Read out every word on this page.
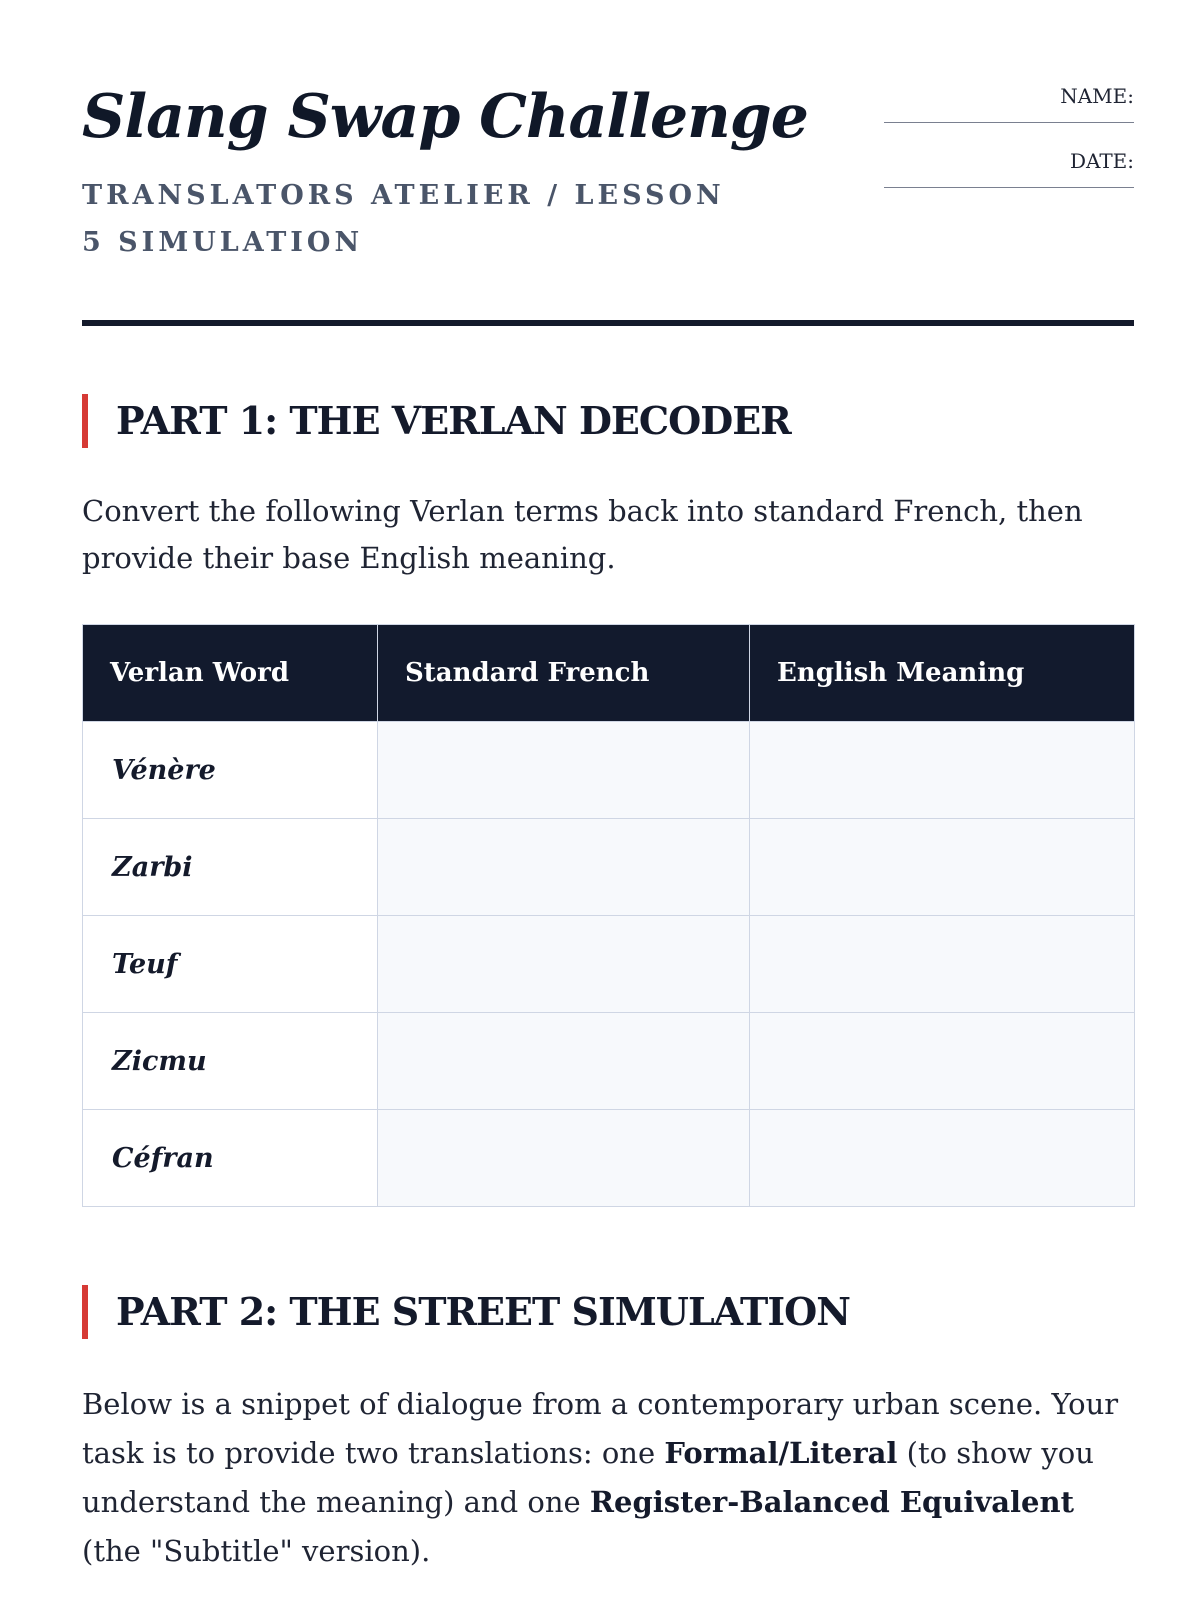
Slang Swap Challenge
TRANSLATORS ATELIER / LESSON 5 SIMULATION
NAME:
DATE:
PART 1: THE VERLAN DECODER

Convert the following Verlan terms back into standard French, then provide their base English meaning.

Verlan Word	Standard French	English Meaning
Vénère		
Zarbi		
Teuf		
Zicmu		
Céfran		
PART 2: THE STREET SIMULATION

Below is a snippet of dialogue from a contemporary urban scene. Your task is to provide two translations: one Formal/Literal (to show you understand the meaning) and one Register-Balanced Equivalent (the "Subtitle" version).
